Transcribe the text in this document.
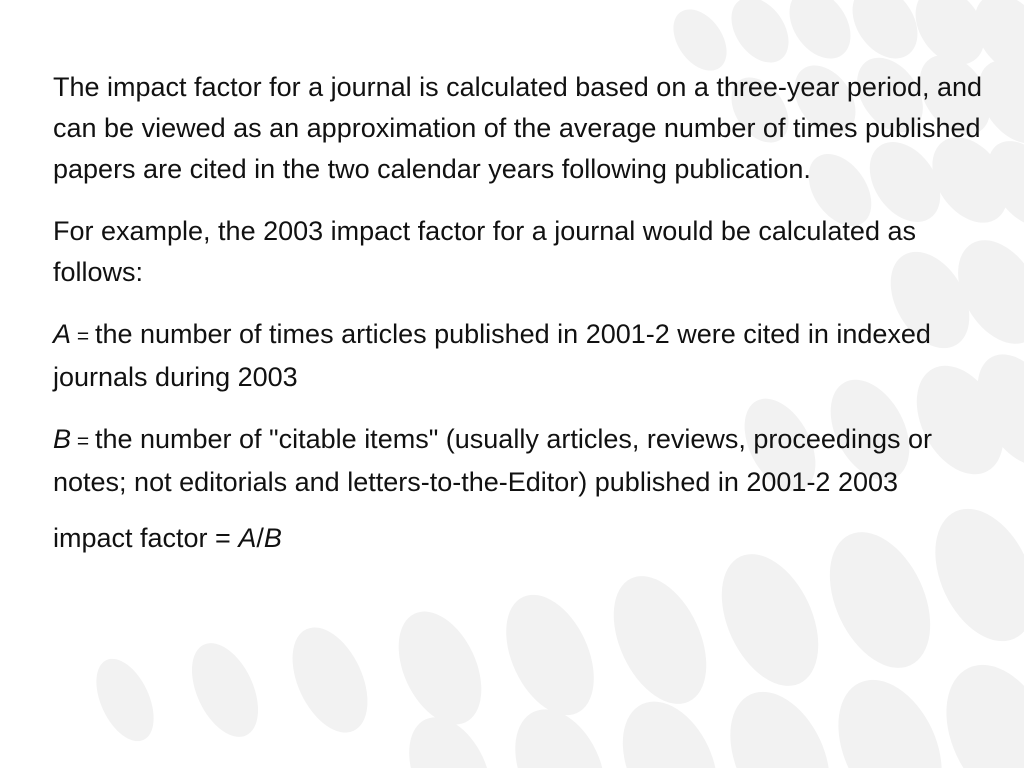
The impact factor for a journal is calculated based on a three-year period, and can be viewed as an approximation of the average number of times published papers are cited in the two calendar years following publication.

For example, the 2003 impact factor for a journal would be calculated as follows:

A = the number of times articles published in 2001-2 were cited in indexed journals during 2003

B = the number of "citable items" (usually articles, reviews, proceedings or notes; not editorials and letters-to-the-Editor) published in 2001-2 2003

impact factor = A/B
